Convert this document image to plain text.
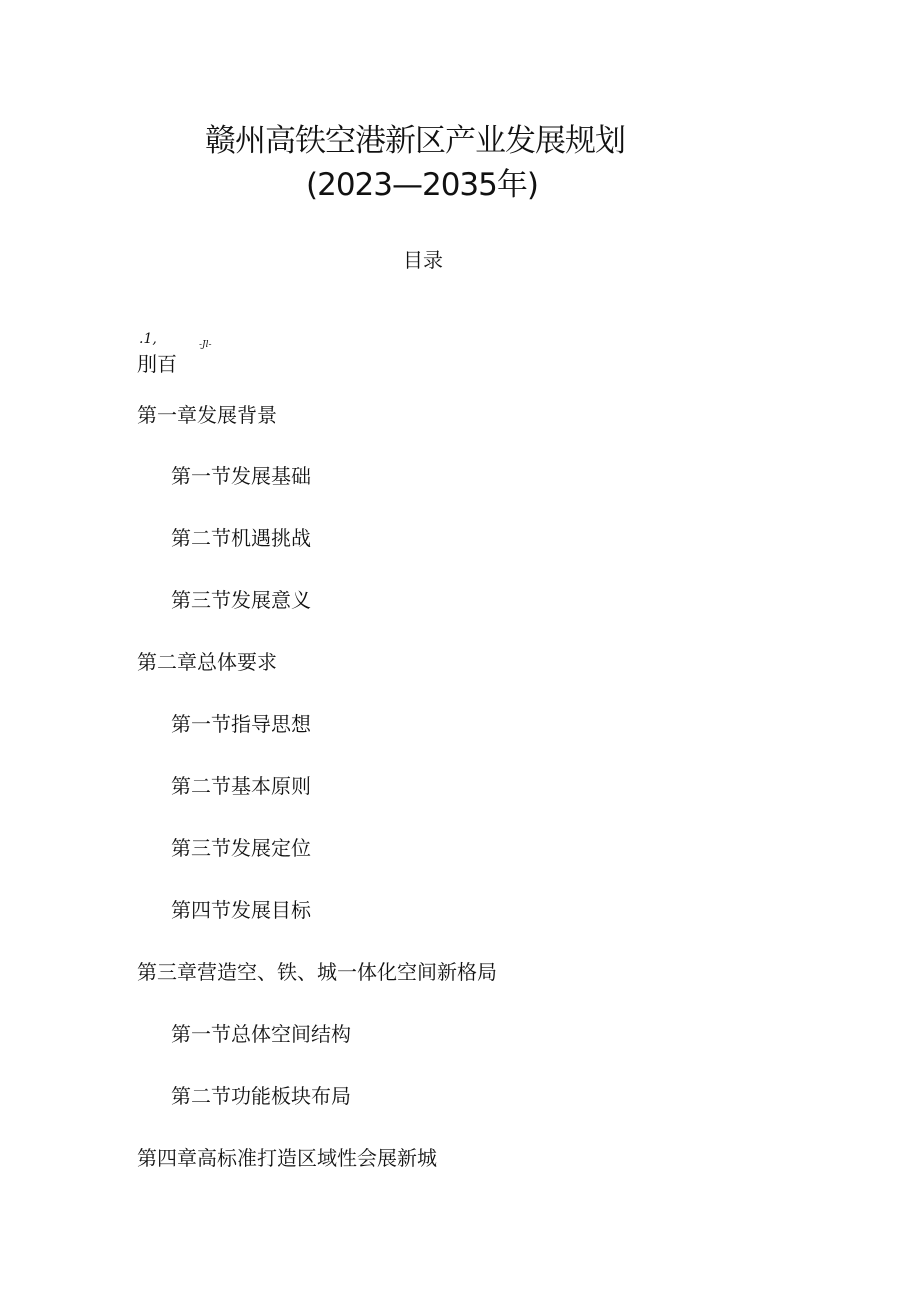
赣州高铁空港新区产业发展规划
(2023—2035年)
目录
.1,	-Jl-
刖百
第一章发展背景
第一节发展基础
第二节机遇挑战
第三节发展意义
第二章总体要求
第一节指导思想
第二节基本原则
第三节发展定位
第四节发展目标
第三章营造空、铁、城一体化空间新格局
第一节总体空间结构
第二节功能板块布局
第四章高标准打造区域性会展新城
